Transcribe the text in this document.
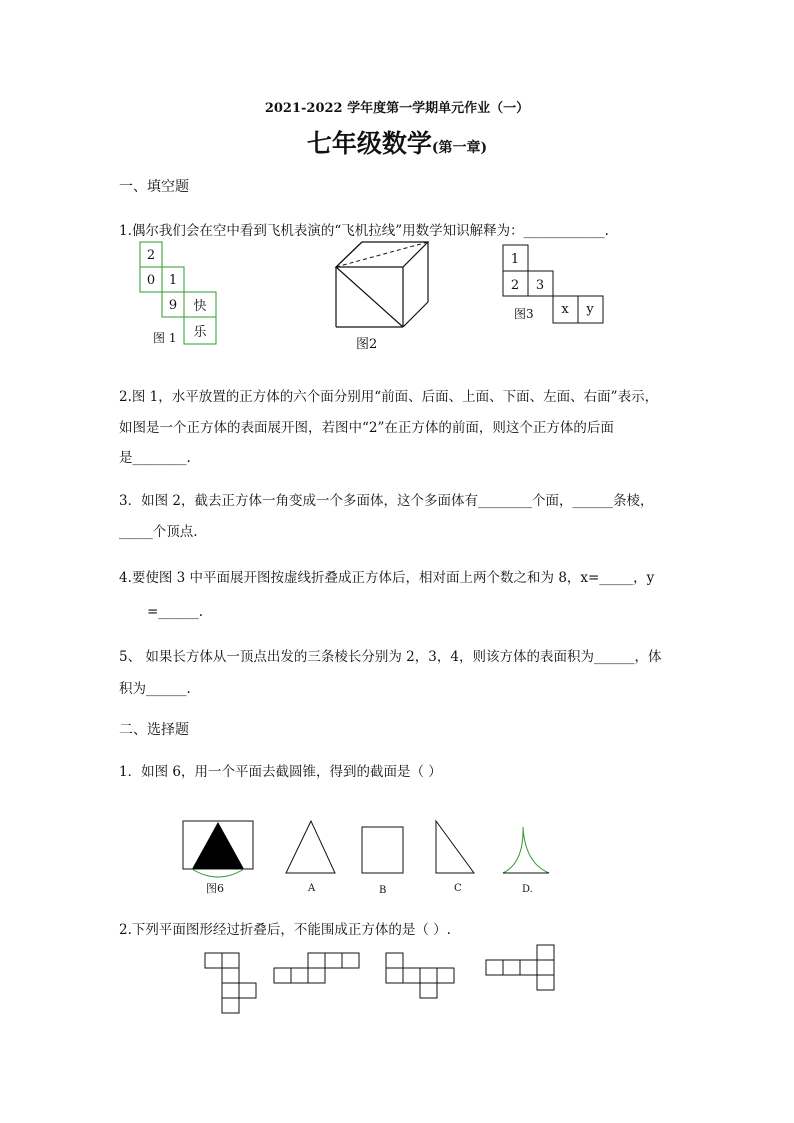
2021-2022 学年度第一学期单元作业（一）
七年级数学(第一章)
一、填空题
1.偶尔我们会在空中看到飞机表演的“飞机拉线”用数学知识解释为：____________.
2
0 1
9 快
乐
图 1	图2
1
2 3
x y
图3
2.图 1，水平放置的正方体的六个面分别用“前面、后面、上面、下面、左面、右面”表示，
如图是一个正方体的表面展开图，若图中“2”在正方体的前面，则这个正方体的后面
是________.
3．如图 2，截去正方体一角变成一个多面体，这个多面体有________个面，______条棱，
_____个顶点.
4.要使图 3 中平面展开图按虚线折叠成正方体后，相对面上两个数之和为 8，x=_____，y
=______.
5、 如果长方体从一顶点出发的三条棱长分别为 2，3，4，则该方体的表面积为______，体
积为______.
二、选择题
1．如图 6，用一个平面去截圆锥，得到的截面是（ ）
图6	A	B	C	D.
2.下列平面图形经过折叠后，不能围成正方体的是（ ）.
